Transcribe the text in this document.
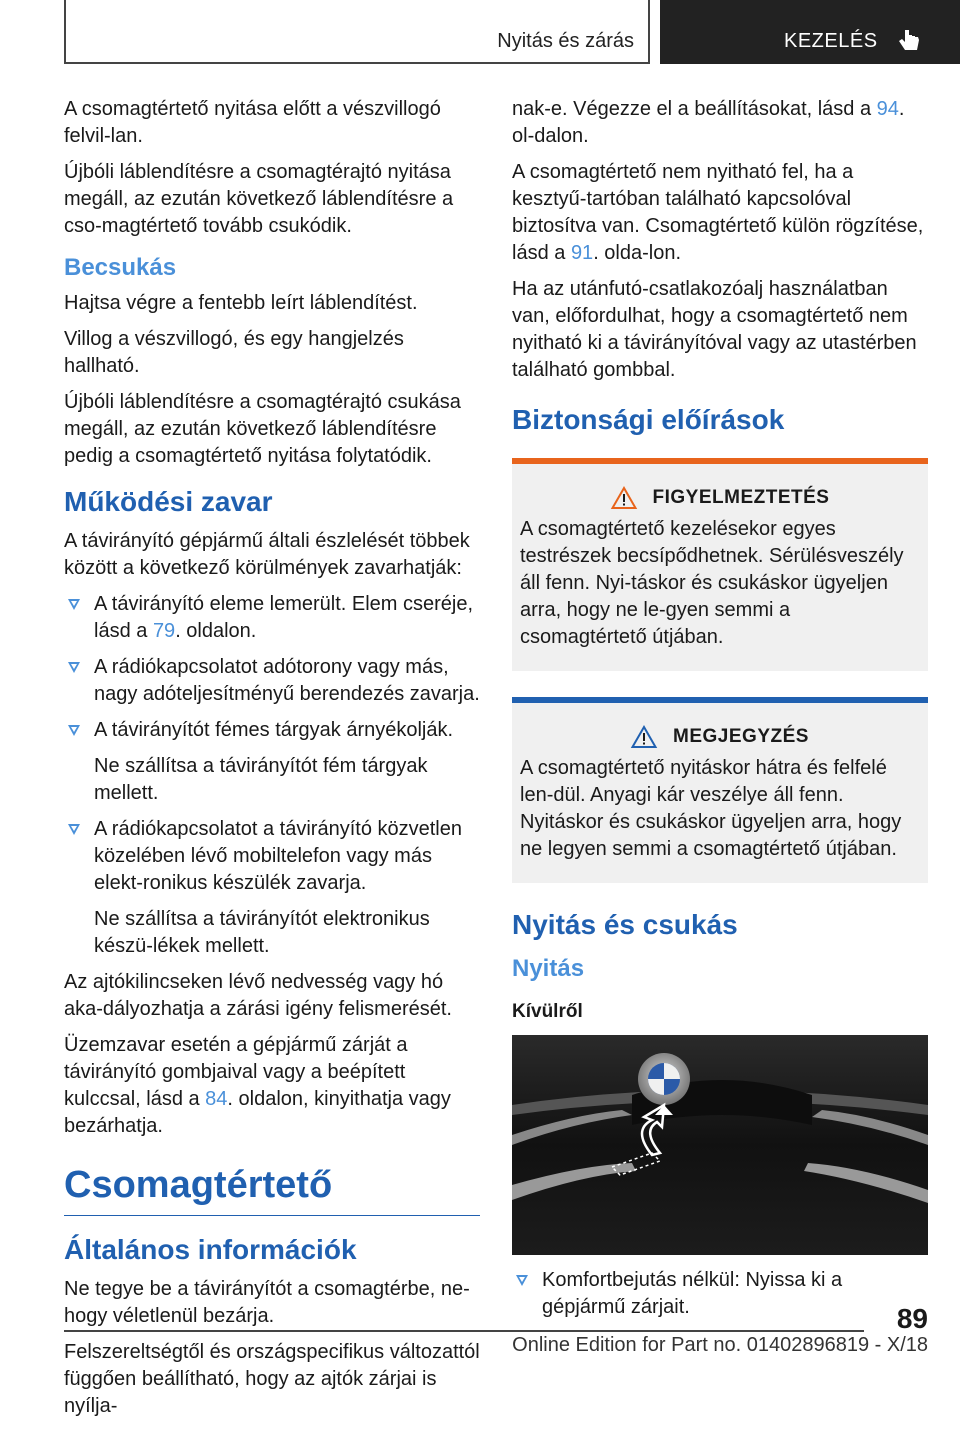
Nyitás és zárás	KEZELÉS

A csomagtértető nyitása előtt a vészvillogó felvil‐lan.

Újbóli láblendítésre a csomagtérajtó nyitása megáll, az ezután következő láblendítésre a cso‐magtértető tovább csukódik.

Becsukás

Hajtsa végre a fentebb leírt láblendítést.

Villog a vészvillogó, és egy hangjelzés hallható.

Újbóli láblendítésre a csomagtérajtó csukása megáll, az ezután következő láblendítésre pedig a csomagtértető nyitása folytatódik.

Működési zavar

A távirányító gépjármű általi észlelését többek között a következő körülmények zavarhatják:

A távirányító eleme lemerült. Elem cseréje, lásd a 79. oldalon.
A rádiókapcsolatot adótorony vagy más, nagy adóteljesítményű berendezés zavarja.
A távirányítót fémes tárgyak árnyékolják.

Ne szállítsa a távirányítót fém tárgyak mellett.

A rádiókapcsolatot a távirányító közvetlen közelében lévő mobiltelefon vagy más elekt‐ronikus készülék zavarja.

Ne szállítsa a távirányítót elektronikus készü‐lékek mellett.

Az ajtókilincseken lévő nedvesség vagy hó aka‐dályozhatja a zárási igény felismerését.

Üzemzavar esetén a gépjármű zárját a távirányító gombjaival vagy a beépített kulccsal, lásd a 84. oldalon, kinyithatja vagy bezárhatja.

Csomagtértető
Általános információk

Ne tegye be a távirányítót a csomagtérbe, ne‐hogy véletlenül bezárja.

Felszereltségtől és országspecifikus változattól függően beállítható, hogy az ajtók zárjai is nyílja‐

nak-e. Végezze el a beállításokat, lásd a 94. ol‐dalon.

A csomagtértető nem nyitható fel, ha a kesztyű‐tartóban található kapcsolóval biztosítva van. Csomagtértető külön rögzítése, lásd a 91. olda‐lon.

Ha az utánfutó-csatlakozóalj használatban van, előfordulhat, hogy a csomagtértető nem nyitható ki a távirányítóval vagy az utastérben található gombbal.

Biztonsági előírások
FIGYELMEZTETÉS

A csomagtértető kezelésekor egyes testrészek becsípődhetnek. Sérülésveszély áll fenn. Nyi‐táskor és csukáskor ügyeljen arra, hogy ne le‐gyen semmi a csomagtértető útjában.

MEGJEGYZÉS

A csomagtértető nyitáskor hátra és felfelé len‐dül. Anyagi kár veszélye áll fenn. Nyitáskor és csukáskor ügyeljen arra, hogy ne legyen semmi a csomagtértető útjában.

Nyitás és csukás
Nyitás
Kívülről
Komfortbejutás nélkül: Nyissa ki a gépjármű zárjait.	89
Online Edition for Part no. 01402896819 - X/18
